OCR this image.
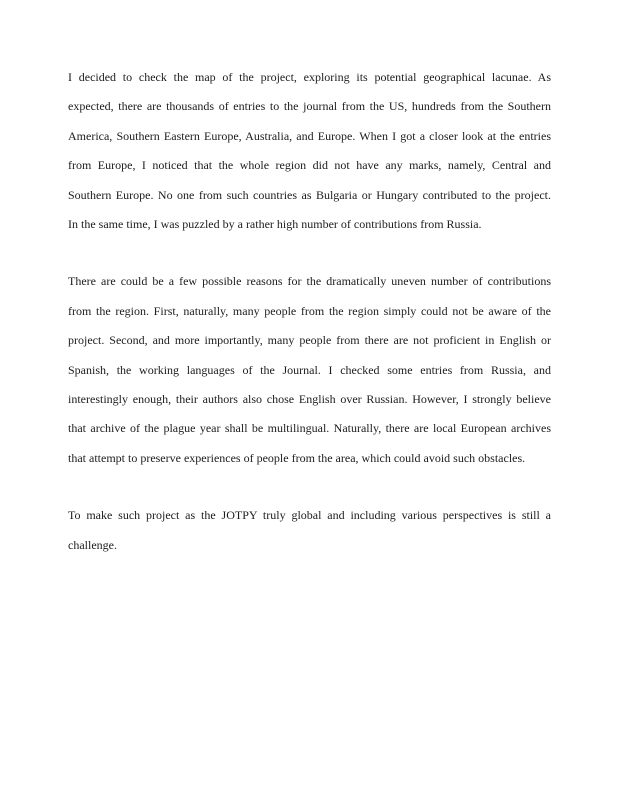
I decided to check the map of the project, exploring its potential geographical lacunae. As
expected, there are thousands of entries to the journal from the US, hundreds from the Southern
America, Southern Eastern Europe, Australia, and Europe. When I got a closer look at the entries
from Europe, I noticed that the whole region did not have any marks, namely, Central and
Southern Europe. No one from such countries as Bulgaria or Hungary contributed to the project.
In the same time, I was puzzled by a rather high number of contributions from Russia.
There are could be a few possible reasons for the dramatically uneven number of contributions
from the region. First, naturally, many people from the region simply could not be aware of the
project. Second, and more importantly, many people from there are not proficient in English or
Spanish, the working languages of the Journal. I checked some entries from Russia, and
interestingly enough, their authors also chose English over Russian. However, I strongly believe
that archive of the plague year shall be multilingual. Naturally, there are local European archives
that attempt to preserve experiences of people from the area, which could avoid such obstacles.
To make such project as the JOTPY truly global and including various perspectives is still a
challenge.
